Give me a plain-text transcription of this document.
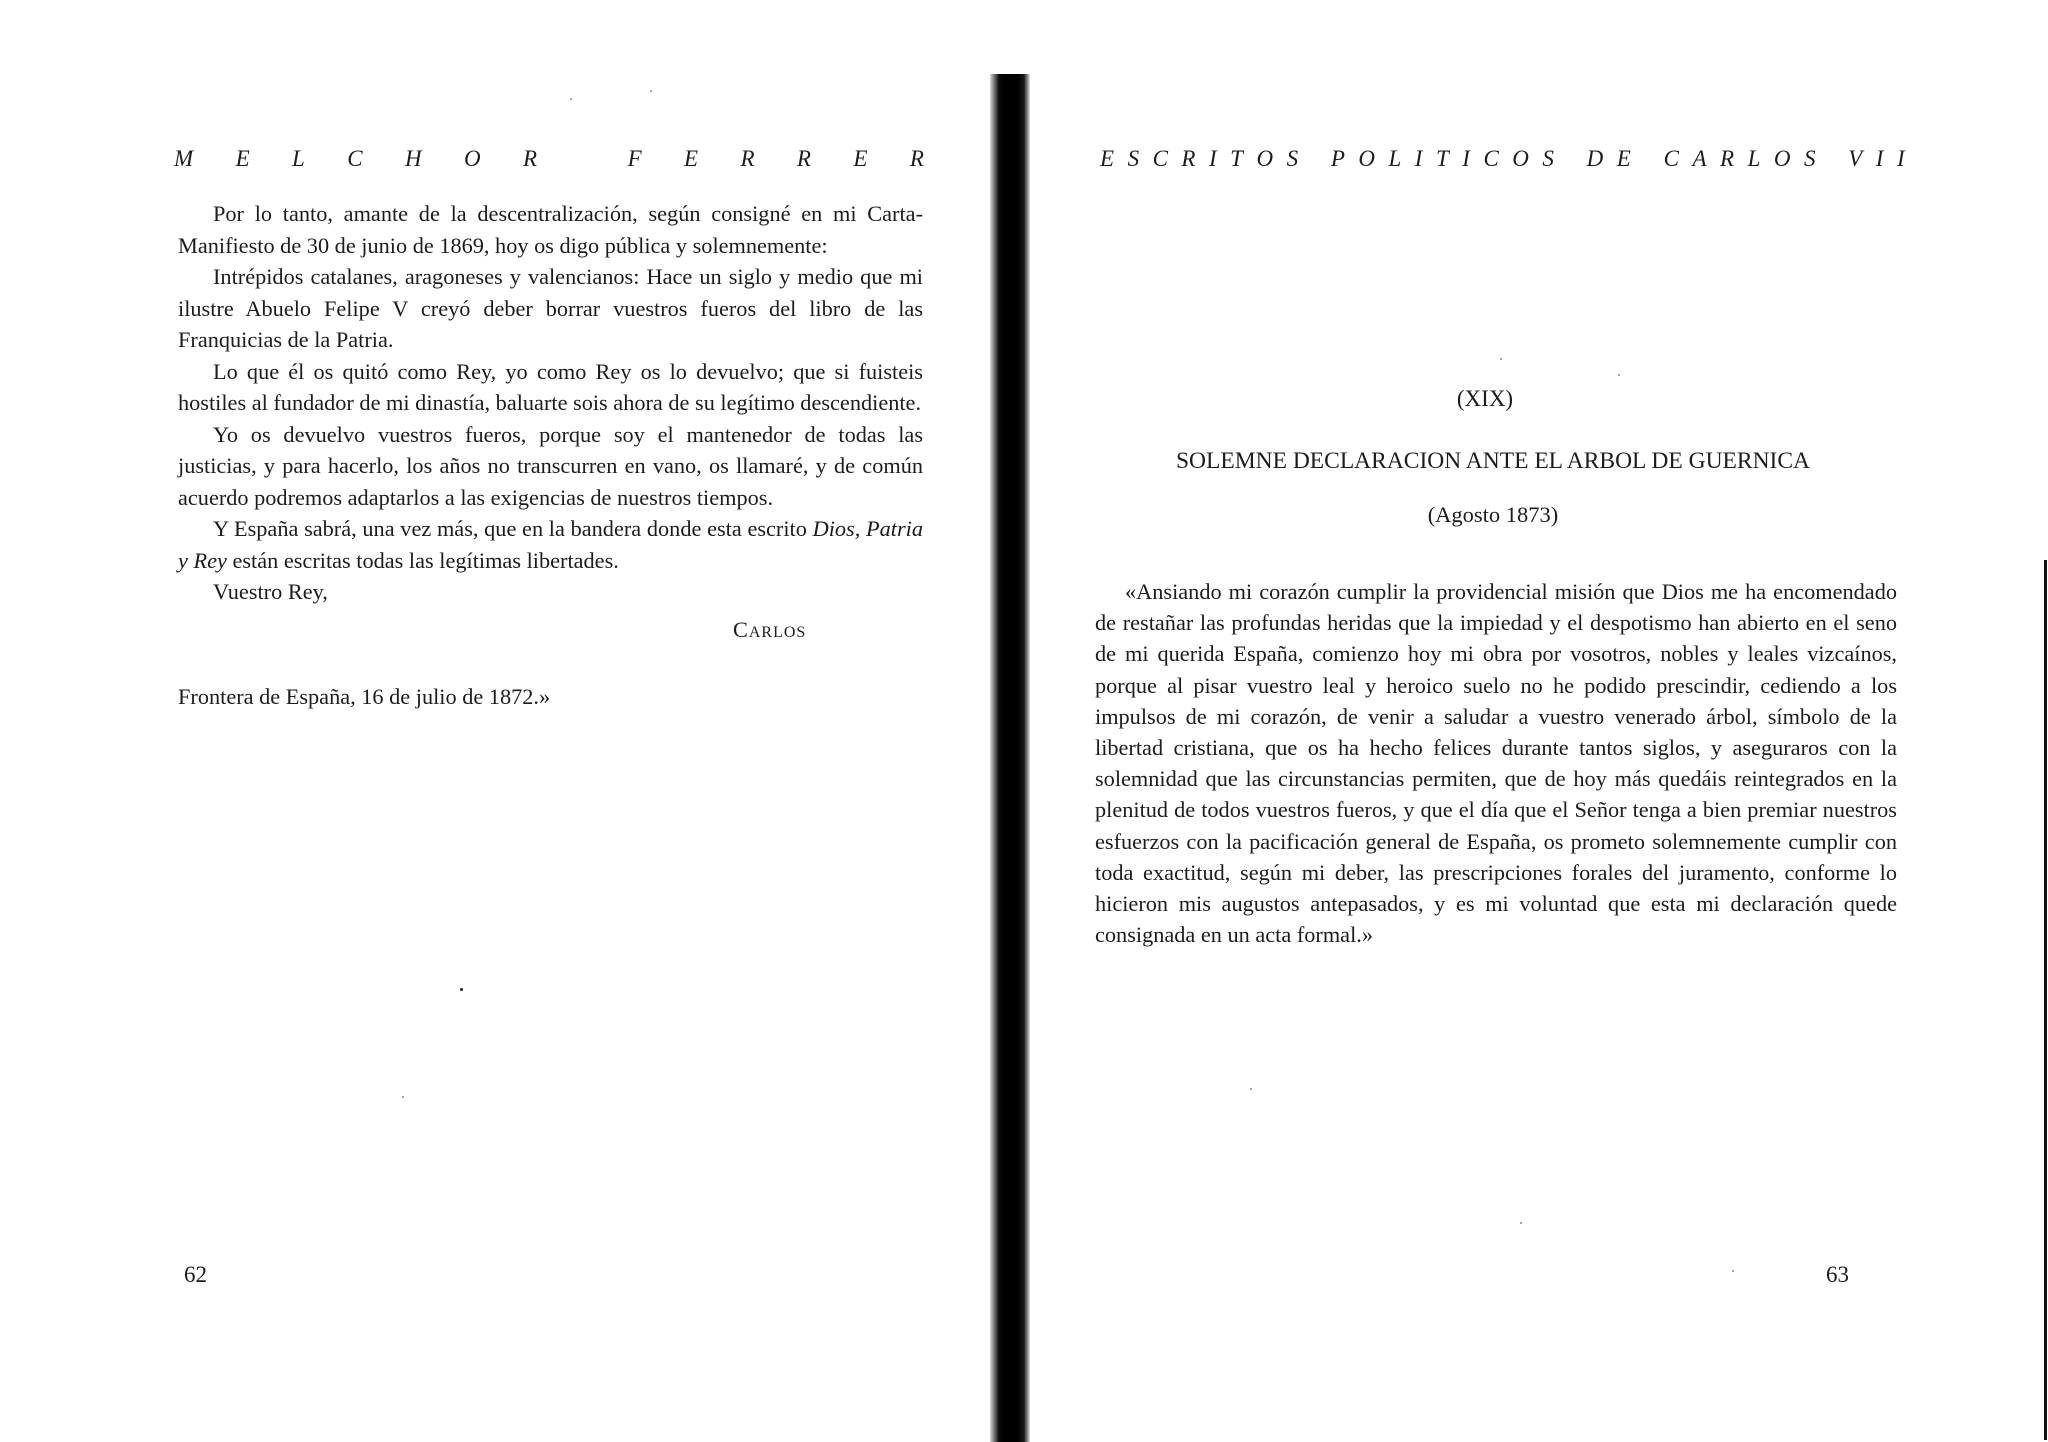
M E L C H O R
	F E R R E R

Por lo tanto, amante de la descentralización, según consigné en mi Carta-Manifiesto de 30 de junio de 1869, hoy os digo pública y solemnemente:

Intrépidos catalanes, aragoneses y valencianos: Hace un siglo y medio que mi ilustre Abuelo Felipe V creyó deber borrar vuestros fueros del libro de las Franquicias de la Patria.

Lo que él os quitó como Rey, yo como Rey os lo devuelvo; que si fuisteis hostiles al fundador de mi dinastía, baluarte sois ahora de su legítimo descendiente.

Yo os devuelvo vuestros fueros, porque soy el mantenedor de todas las justicias, y para hacerlo, los años no transcurren en vano, os llamaré, y de común acuerdo podremos adaptarlos a las exigencias de nuestros tiempos.

Y España sabrá, una vez más, que en la bandera donde esta escrito Dios, Patria y Rey están escritas todas las legítimas libertades.

Vuestro Rey,

Carlos

Frontera de España, 16 de julio de 1872.»

62
E S C R I T O S
P O L I T I C O S
D E
C A R L O S
V I I
(XIX)
SOLEMNE DECLARACION ANTE EL ARBOL DE GUERNICA
(Agosto 1873)

«Ansiando mi corazón cumplir la providencial misión que Dios me ha encomendado de restañar las profundas heridas que la impiedad y el despotismo han abierto en el seno de mi querida España, comienzo hoy mi obra por vosotros, nobles y leales vizcaínos, porque al pisar vuestro leal y heroico suelo no he podido prescindir, cediendo a los impulsos de mi corazón, de venir a saludar a vuestro venerado árbol, símbolo de la libertad cristiana, que os ha hecho felices durante tantos siglos, y aseguraros con la solemnidad que las circunstancias permiten, que de hoy más quedáis reintegrados en la plenitud de todos vuestros fueros, y que el día que el Señor tenga a bien premiar nuestros esfuerzos con la pacificación general de España, os prometo solemnemente cumplir con toda exactitud, según mi deber, las prescripciones forales del juramento, conforme lo hicieron mis augustos antepasados, y es mi voluntad que esta mi declaración quede consignada en un acta formal.»

63
